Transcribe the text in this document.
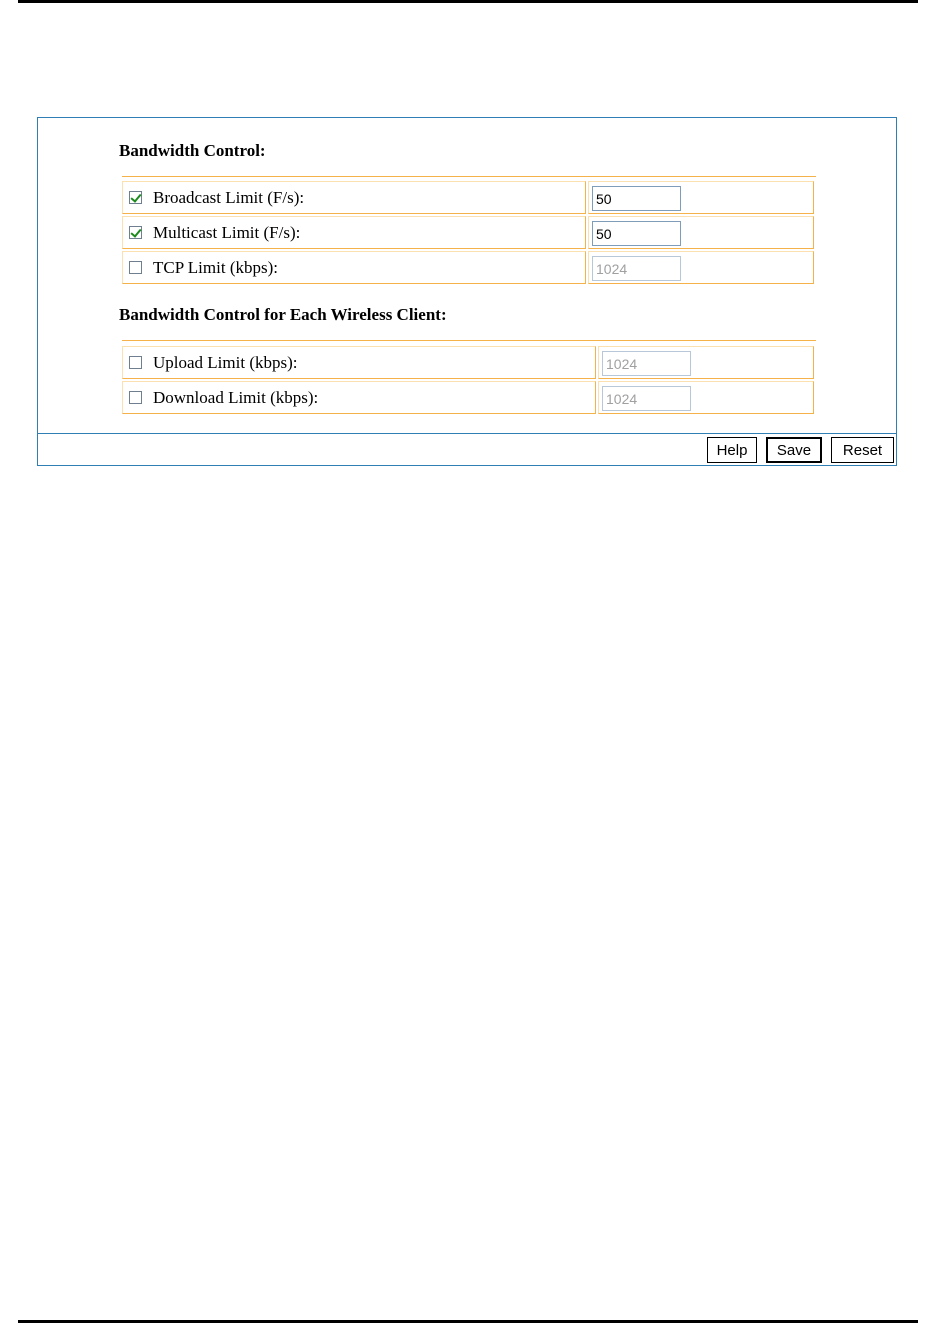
Bandwidth Control:
Broadcast Limit (F/s):
50
Multicast Limit (F/s):
50
TCP Limit (kbps):
1024
Bandwidth Control for Each Wireless Client:
Upload Limit (kbps):
1024
Download Limit (kbps):
1024
Help	Save	Reset
